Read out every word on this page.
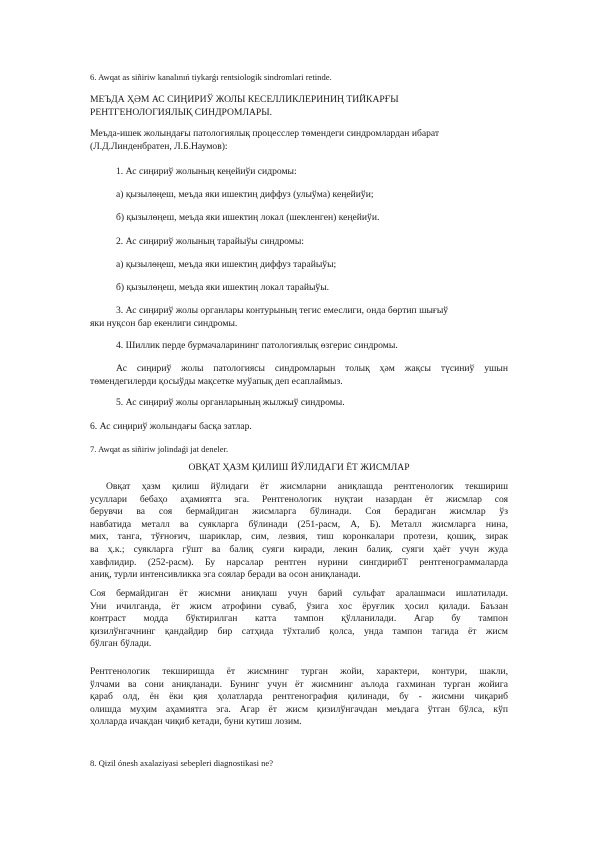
6. Awqat as siñiriw kanalınıń tiykarǵı rentsiologik sindromlari retinde.
МЕЪДА ҲӘМ АС СИҢИРИЎ ЖОЛЫ КЕСЕЛЛИКЛЕРИНИҢ ТИЙКАРҒЫ
РЕНТГЕНОЛОГИЯЛЫҚ СИНДРОМЛАРЫ.
Меъда-ишек жолындағы патологиялық процесслер төмендеги синдромлардан ибарат
(Л.Д.Линденбратен, Л.Б.Наумов):
1. Ас сиңириў жолының кеңейиўи сидромы:
а) қызылөңеш, меъда яки ишектиң диффуз (улыўма) кеңейиўи;
б) қызылөңеш, меъда яки ишектиң локал (шекленген) кеңейиўи.
2. Ас сиңириў жолының тарайыўы синдромы:
а) қызылөңеш, меъда яки ишектиң диффуз тарайыўы;
б) қызылөңеш, меъда яки ишектиң локал тарайыўы.
3. Ас сиңириў жолы органлары контурының тегис емеслиги, онда бөртип шығыў
яки нуқсон бар екенлиги синдромы.
4. Шиллик перде бурмачаларининг патологиялық өзгерис синдромы.
Ас сиңириў жолы патологиясы синдромларын толық ҳәм жақсы түсиниў ушын
төмендегилерди қосыўды мақсетке муўапық деп есаплаймыз.
5. Ас сиңириў жолы органларының жылжыў синдромы.
6. Ас сиңириў жолындағы басқа затлар.
7. Awqat as siñiriw jolindaǵi jat deneler.
ОВҚАТ ҲАЗМ ҚИЛИШ ЙЎЛИДАГИ ЁТ ЖИСМЛАР
Овқат ҳазм қилиш йўлидаги ёт жисмларни аниқлашда рентгенологик текшириш
усуллари бебаҳо аҳамиятга эга. Рентгенологик нуқтаи назардан ёт жисмлар соя
берувчи ва соя бермайдиган жисмларга бўлинади. Соя берадиган жисмлар ўз
навбатида металл ва суякларга бўлинади (251-расм, А, Б). Металл жисмларга нина,
мих, танга, тўғноғич, шариклар, сим, лезвия, тиш коронкалари протези, қошиқ, зирак
ва ҳ.к.; суякларга гўшт ва балиқ суяги киради, лекин балиқ. суяги ҳаёт учун жуда
хавфлидир. (252-расм). Бу нарсалар рентген нурини сингдирибТ рентгенограммаларда
аниқ, турли интенсивликка эга соялар беради ва осон аниқланади.
Соя бермайдиган ёт жисмни аниқлаш учун барий сульфат аралашмаси ишлатилади.
Уни ичилганда, ёт жисм атрофини суваб, ўзига хос ёруғлик ҳосил қилади. Баъзан
контраст модда бўктирилган катта тампон қўлланилади. Агар бу тампон
қизилўнгачнинг қандайдир бир сатҳида тўхталиб қолса, унда тампон тагида ёт жисм
бўлган бўлади.
Рентгенологик текширишда ёт жисмнинг турган жойи, характери, контури, шакли,
ўлчами ва сони аниқланади. Бунинг учун ёт жисмнинг аълода гахминан турган жойига
қараб олд, ён ёки қия ҳолатларда рентгенография қилинади, бу - жисмни чиқариб
олишда муҳим аҳамиятга эга. Агар ёт жисм қизилўнгачдан меъдага ўтган бўлса, кўп
ҳолларда ичакдан чиқиб кетади, буни кутиш лозим.
8. Qizil ónesh axalaziyasi sebepleri diagnostikasi ne?
